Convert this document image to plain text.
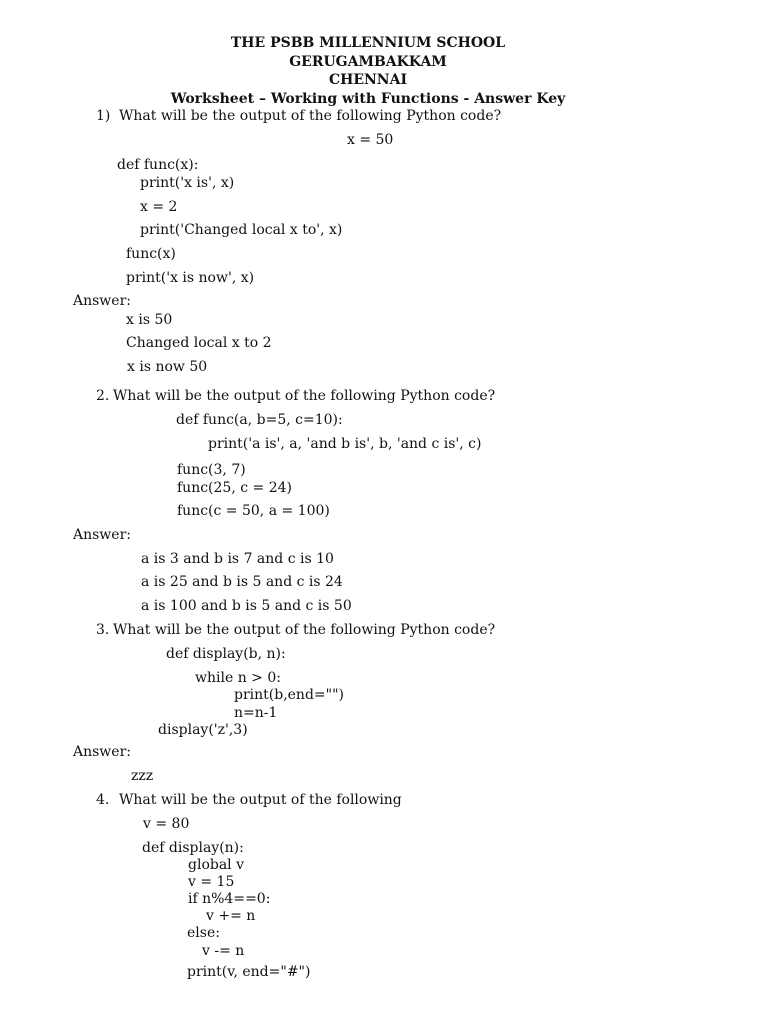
THE PSBB MILLENNIUM SCHOOL
GERUGAMBAKKAM
CHENNAI
Worksheet – Working with Functions - Answer Key
1) What will be the output of the following Python code?
x = 50
def func(x):
print('x is', x)
x = 2
print('Changed local x to', x)
func(x)
print('x is now', x)
Answer:
x is 50
Changed local x to 2
x is now 50
2. What will be the output of the following Python code?
def func(a, b=5, c=10):
print('a is', a, 'and b is', b, 'and c is', c)
func(3, 7)
func(25, c = 24)
func(c = 50, a = 100)
Answer:
a is 3 and b is 7 and c is 10
a is 25 and b is 5 and c is 24
a is 100 and b is 5 and c is 50
3. What will be the output of the following Python code?
def display(b, n):
while n > 0:
print(b,end="")
n=n-1
display('z',3)
Answer:
zzz
4. What will be the output of the following
v = 80
def display(n):
global v
v = 15
if n%4==0:
v += n
else:
v -= n
print(v, end="#")
